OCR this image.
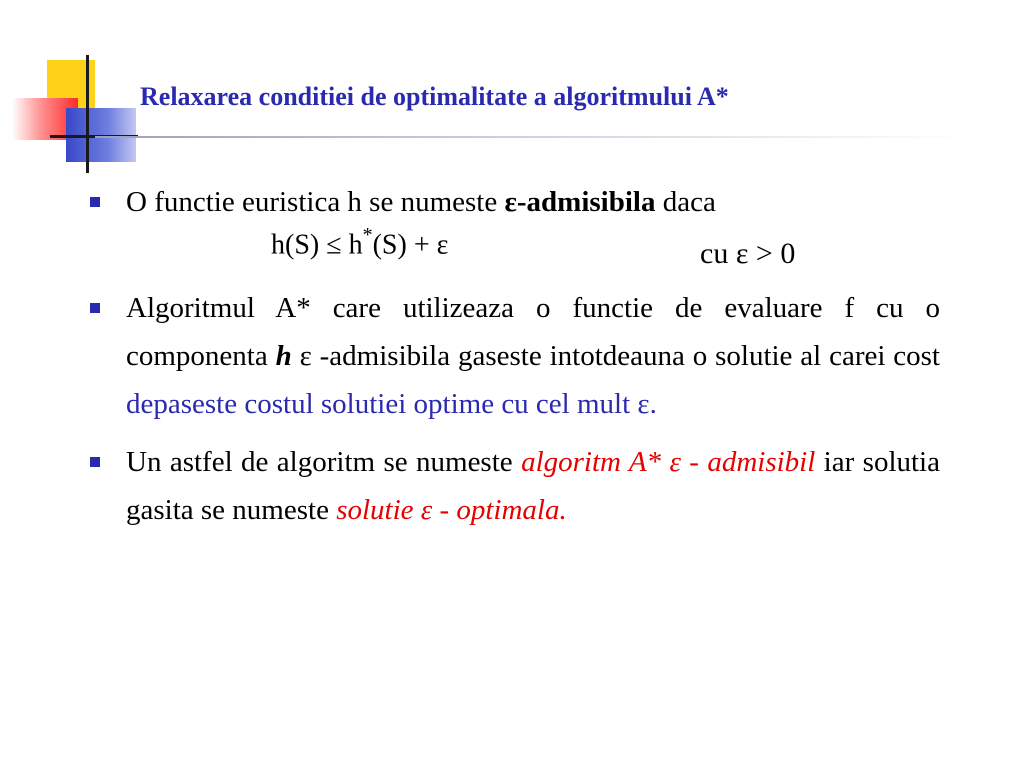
Relaxarea conditiei de optimalitate a algoritmului A*
O functie euristica h se numeste ε-admisibila daca
h(S) ≤ h*(S) + ε	cu ε > 0
Algoritmul A* care utilizeaza o functie de evaluare f cu o componenta h ε -admisibila gaseste intotdeauna o solutie al carei cost depaseste costul solutiei optime cu cel mult ε.
Un astfel de algoritm se numeste algoritm A* ε - admisibil iar solutia gasita se numeste solutie ε - optimala.
